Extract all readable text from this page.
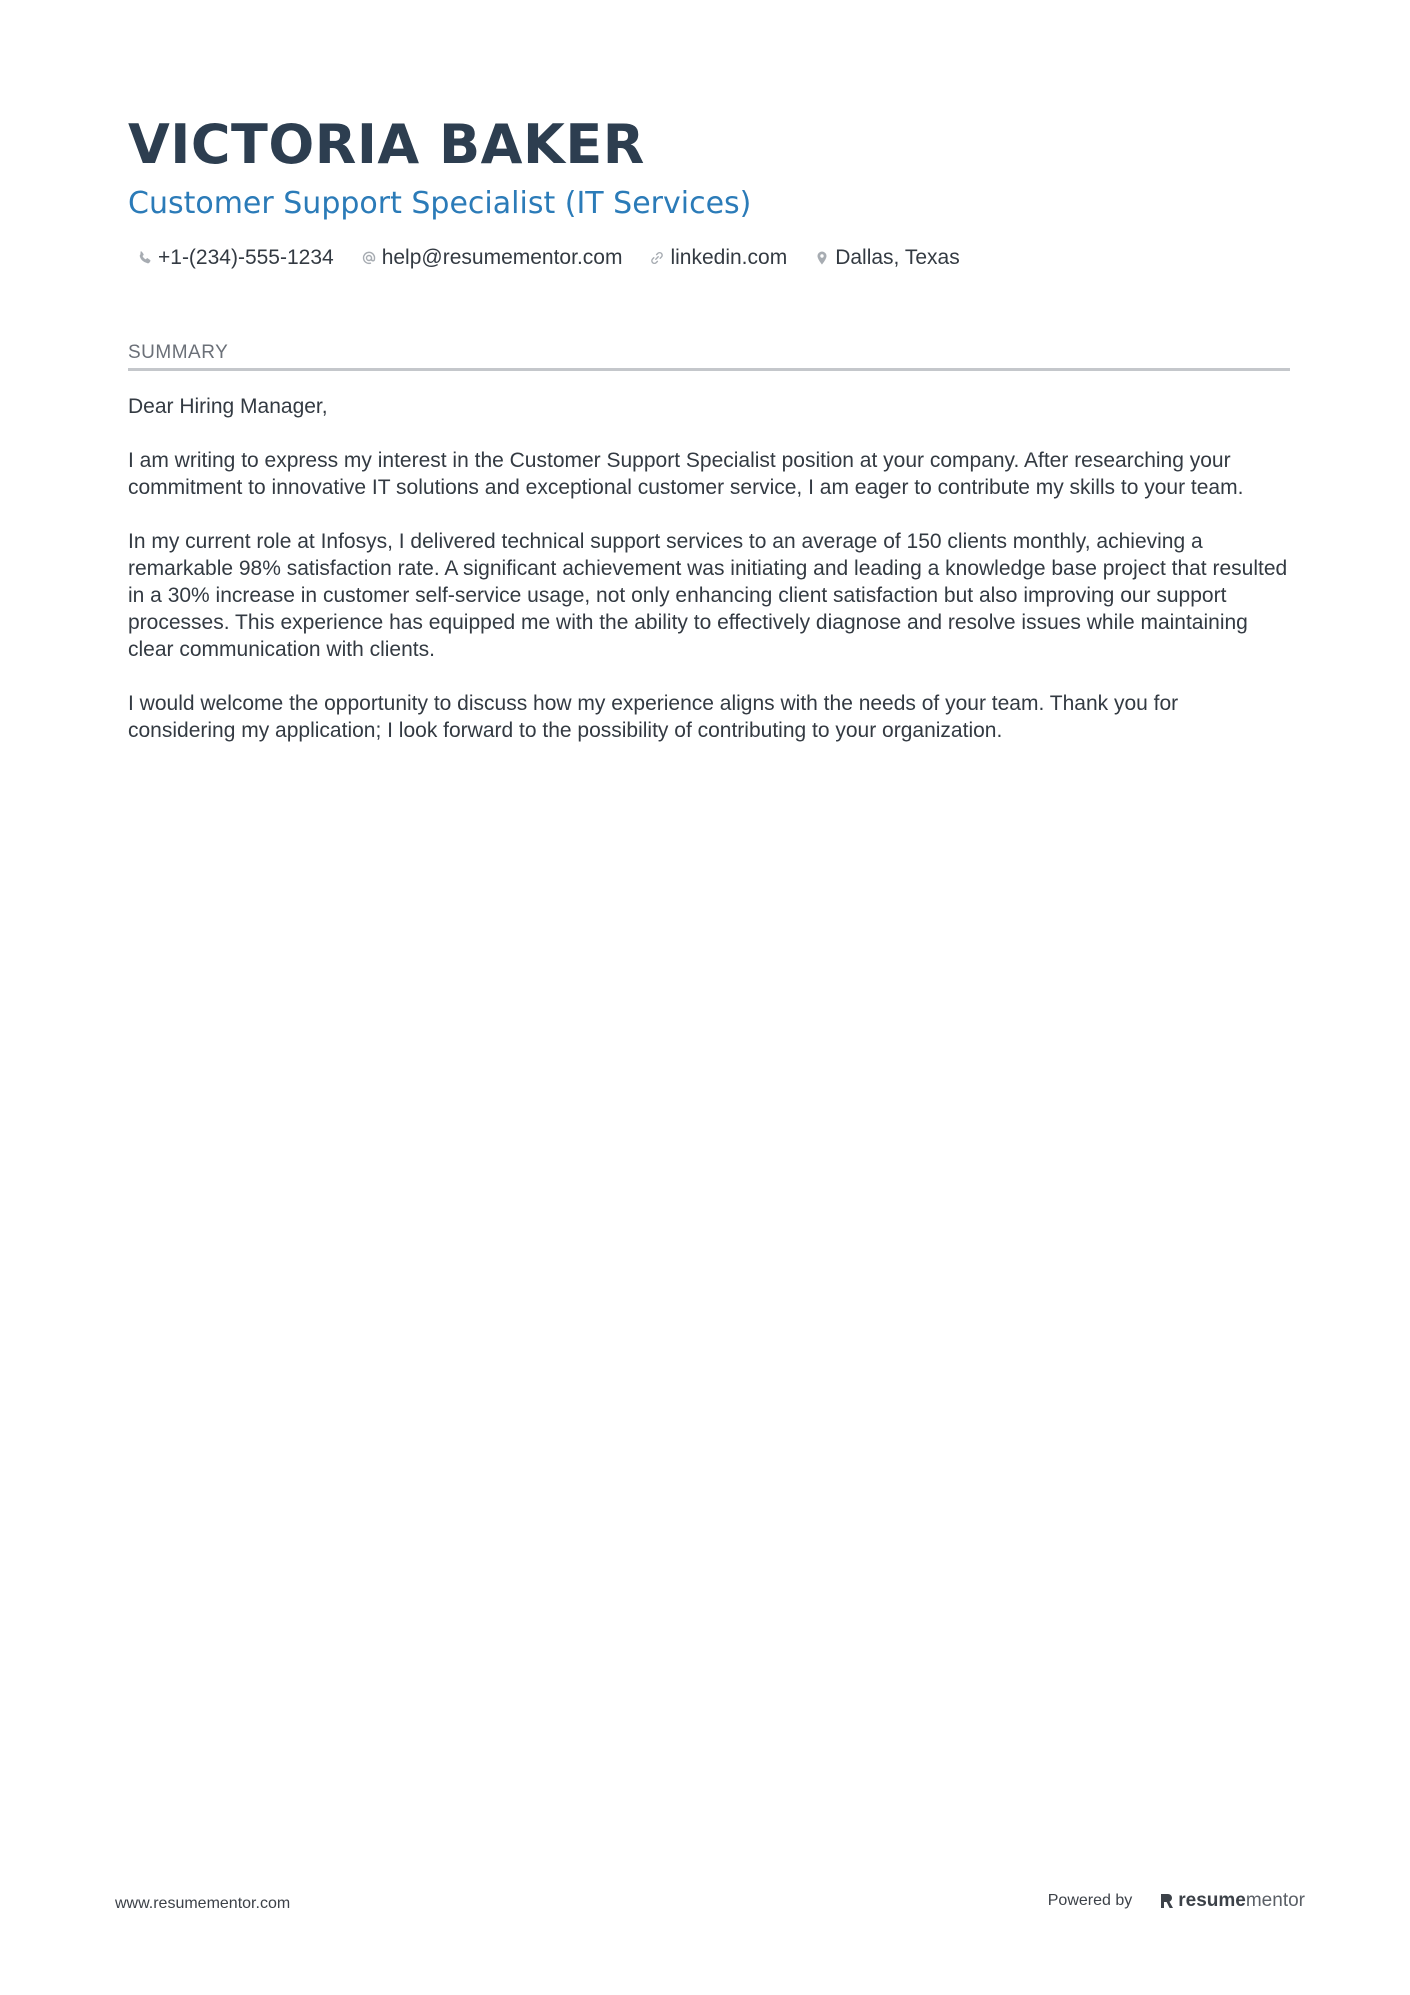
VICTORIA BAKER
Customer Support Specialist (IT Services)
+1-(234)-555-1234 help@resumementor.com linkedin.com Dallas, Texas
SUMMARY

Dear Hiring Manager,

I am writing to express my interest in the Customer Support Specialist position at your company. After researching your commitment to innovative IT solutions and exceptional customer service, I am eager to contribute my skills to your team.

In my current role at Infosys, I delivered technical support services to an average of 150 clients monthly, achieving a remarkable 98% satisfaction rate. A significant achievement was initiating and leading a knowledge base project that resulted in a 30% increase in customer self-service usage, not only enhancing client satisfaction but also improving our support processes. This experience has equipped me with the ability to effectively diagnose and resolve issues while maintaining clear communication with clients.

I would welcome the opportunity to discuss how my experience aligns with the needs of your team. Thank you for considering my application; I look forward to the possibility of contributing to your organization.

www.resumementor.com	Powered by resume mentor
